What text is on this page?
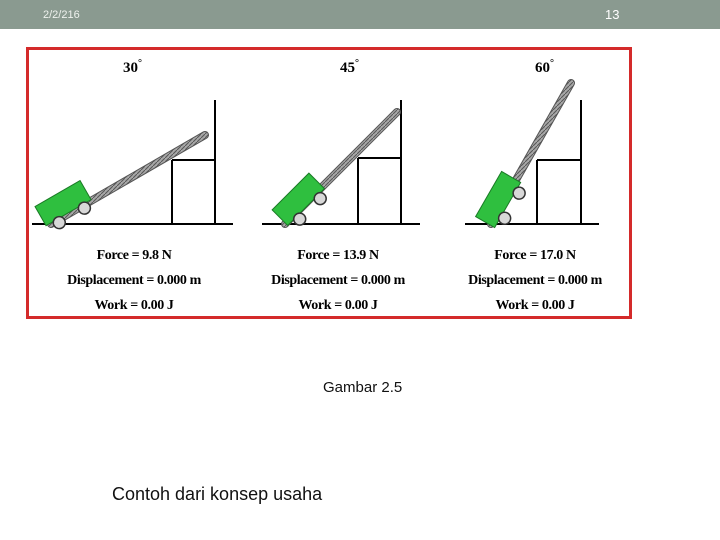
2/2/216	13
30°	45°	60°
Force = 9.8 N
Displacement = 0.000 m
Work = 0.00 J
Force = 13.9 N
Displacement = 0.000 m
Work = 0.00 J
Force = 17.0 N
Displacement = 0.000 m
Work = 0.00 J
Gambar 2.5
Contoh dari konsep usaha
